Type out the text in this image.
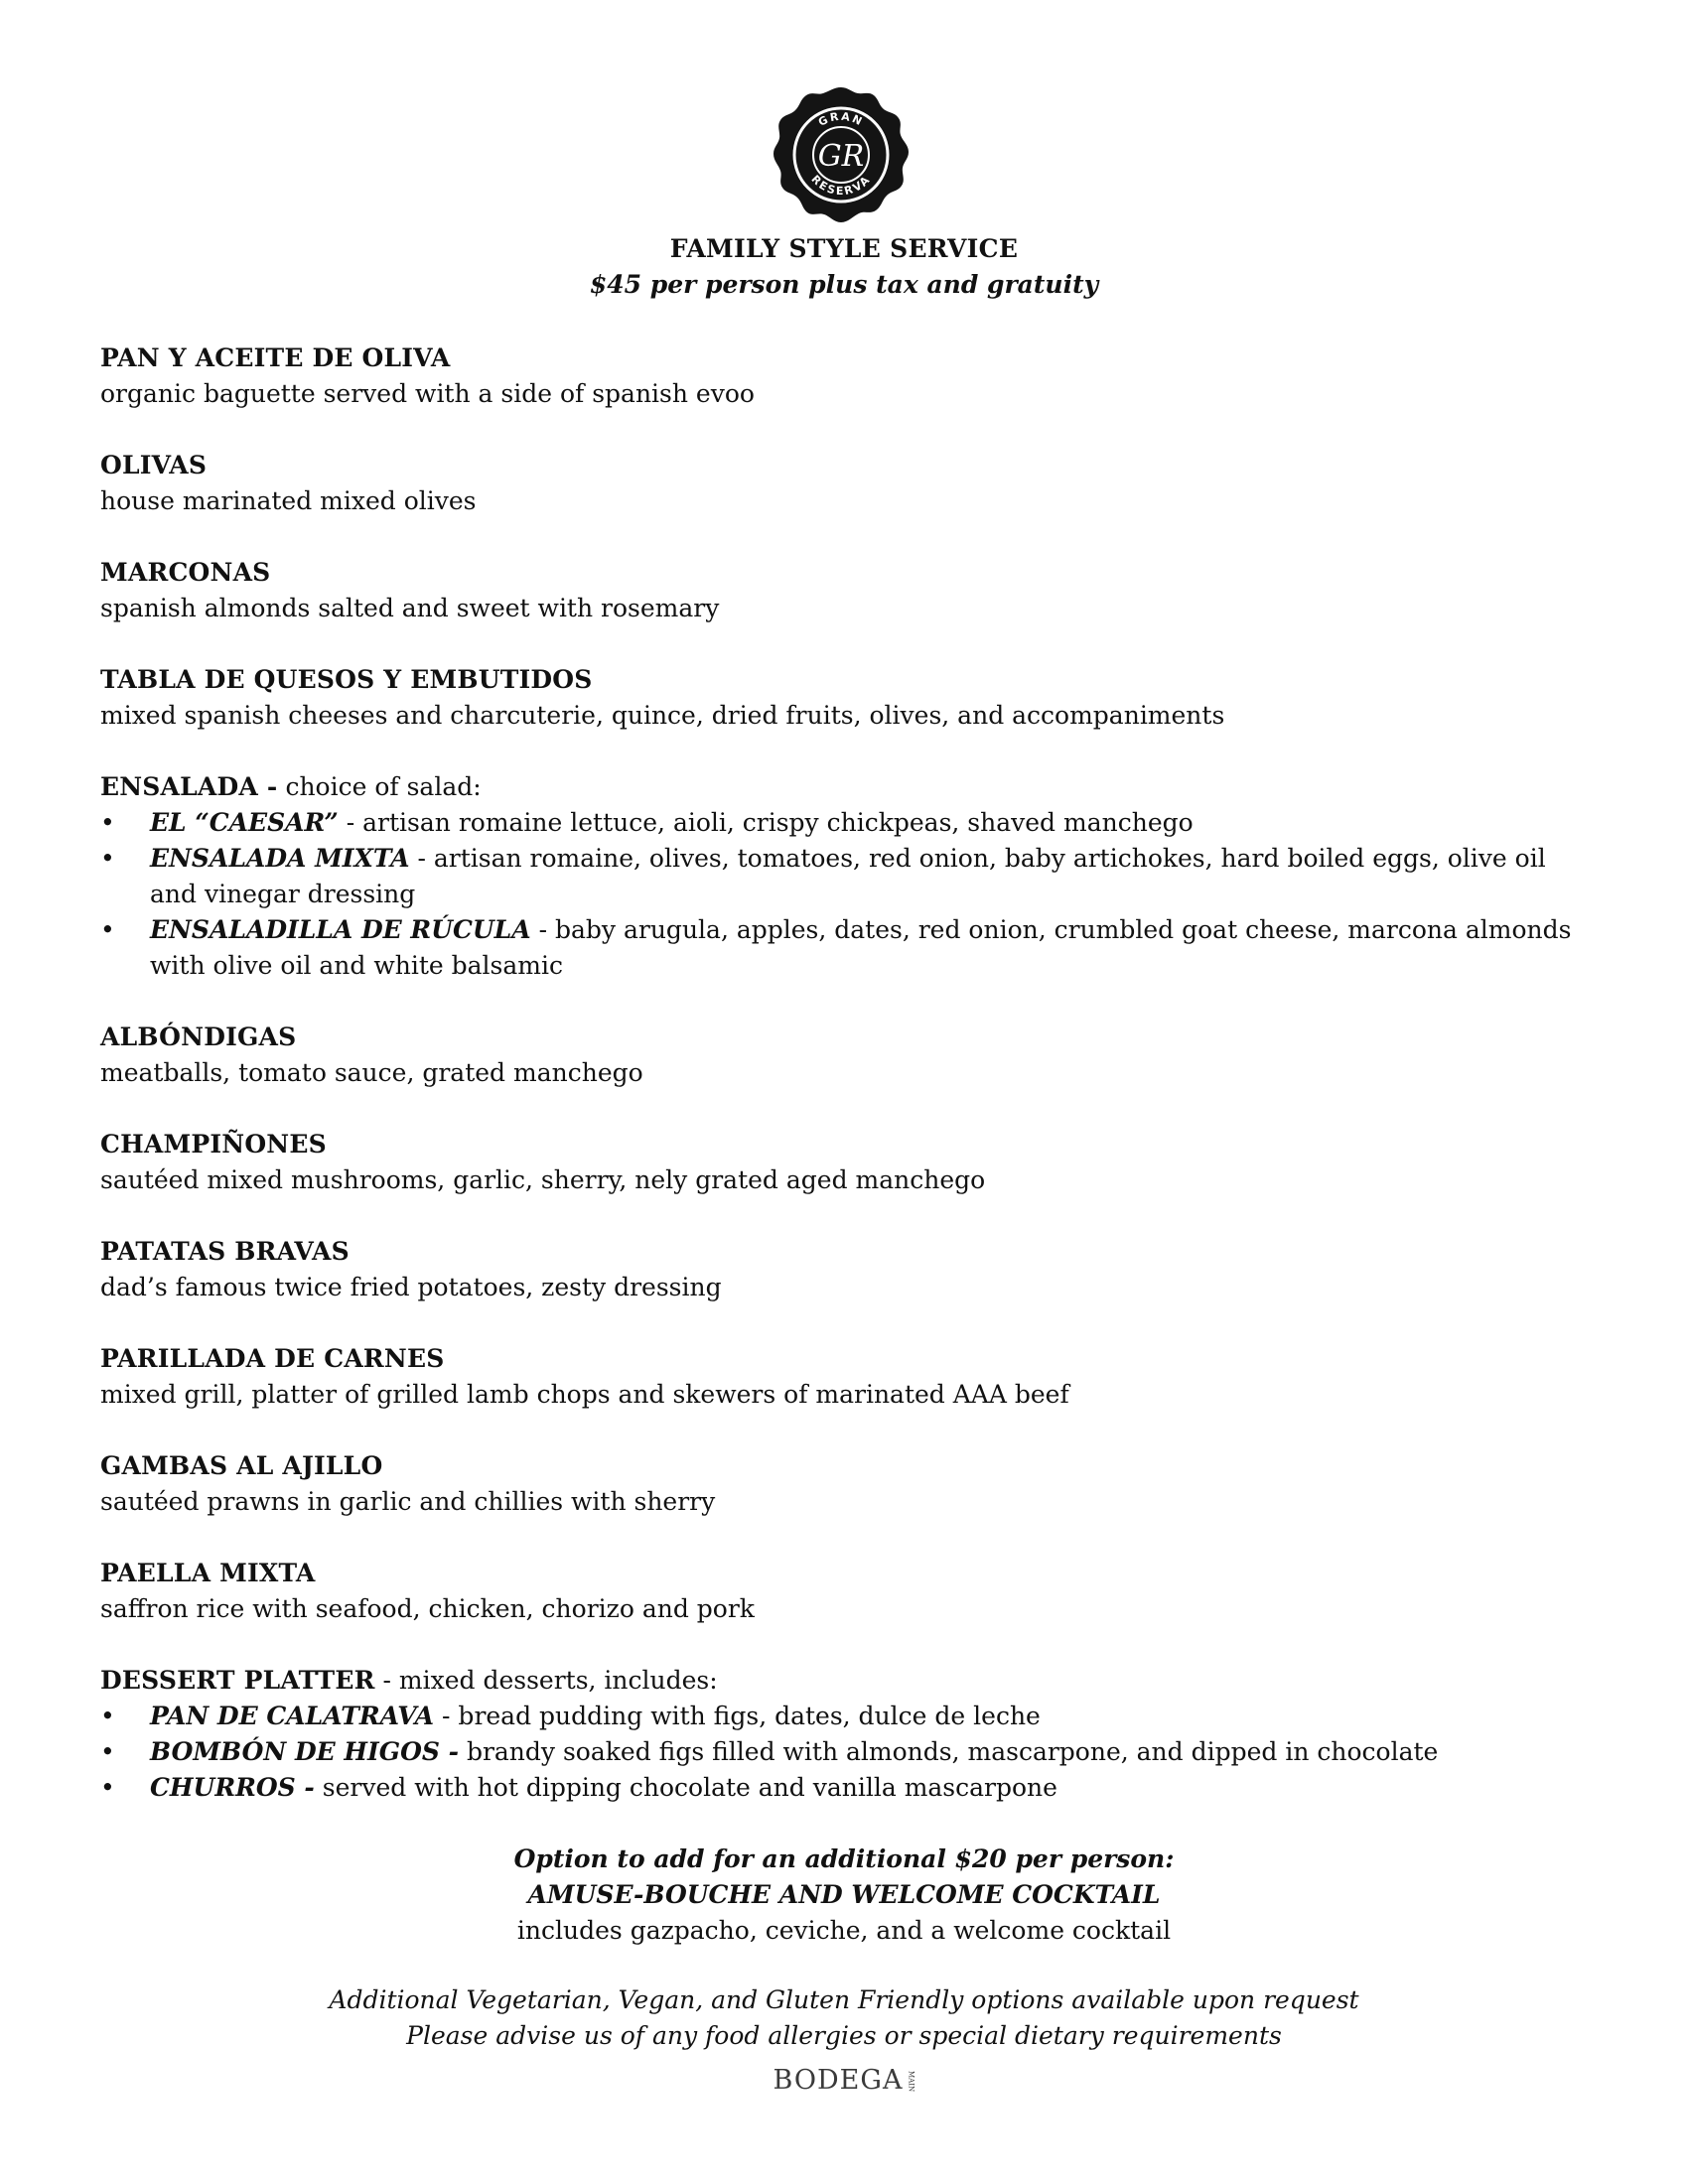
GRAN
RESERVA
GR
FAMILY STYLE SERVICE
$45 per person plus tax and gratuity
PAN Y ACEITE DE OLIVA
organic baguette served with a side of spanish evoo
OLIVAS
house marinated mixed olives
MARCONAS
spanish almonds salted and sweet with rosemary
TABLA DE QUESOS Y EMBUTIDOS
mixed spanish cheeses and charcuterie, quince, dried fruits, olives, and accompaniments
ENSALADA - choice of salad:
• EL “CAESAR” - artisan romaine lettuce, aioli, crispy chickpeas, shaved manchego
• ENSALADA MIXTA - artisan romaine, olives, tomatoes, red onion, baby artichokes, hard boiled eggs, olive oil and vinegar dressing
• ENSALADILLA DE RÚCULA - baby arugula, apples, dates, red onion, crumbled goat cheese, marcona almonds with olive oil and white balsamic
ALBÓNDIGAS
meatballs, tomato sauce, grated manchego
CHAMPIÑONES
sautéed mixed mushrooms, garlic, sherry, nely grated aged manchego
PATATAS BRAVAS
dad’s famous twice fried potatoes, zesty dressing
PARILLADA DE CARNES
mixed grill, platter of grilled lamb chops and skewers of marinated AAA beef
GAMBAS AL AJILLO
sautéed prawns in garlic and chillies with sherry
PAELLA MIXTA
saffron rice with seafood, chicken, chorizo and pork
DESSERT PLATTER - mixed desserts, includes:
• PAN DE CALATRAVA - bread pudding with figs, dates, dulce de leche
• BOMBÓN DE HIGOS - brandy soaked figs filled with almonds, mascarpone, and dipped in chocolate
• CHURROS - served with hot dipping chocolate and vanilla mascarpone
Option to add for an additional $20 per person:
AMUSE-BOUCHE AND WELCOME COCKTAIL
includes gazpacho, ceviche, and a welcome cocktail
Additional Vegetarian, Vegan, and Gluten Friendly options available upon request
Please advise us of any food allergies or special dietary requirements
BODEGA MAIN
